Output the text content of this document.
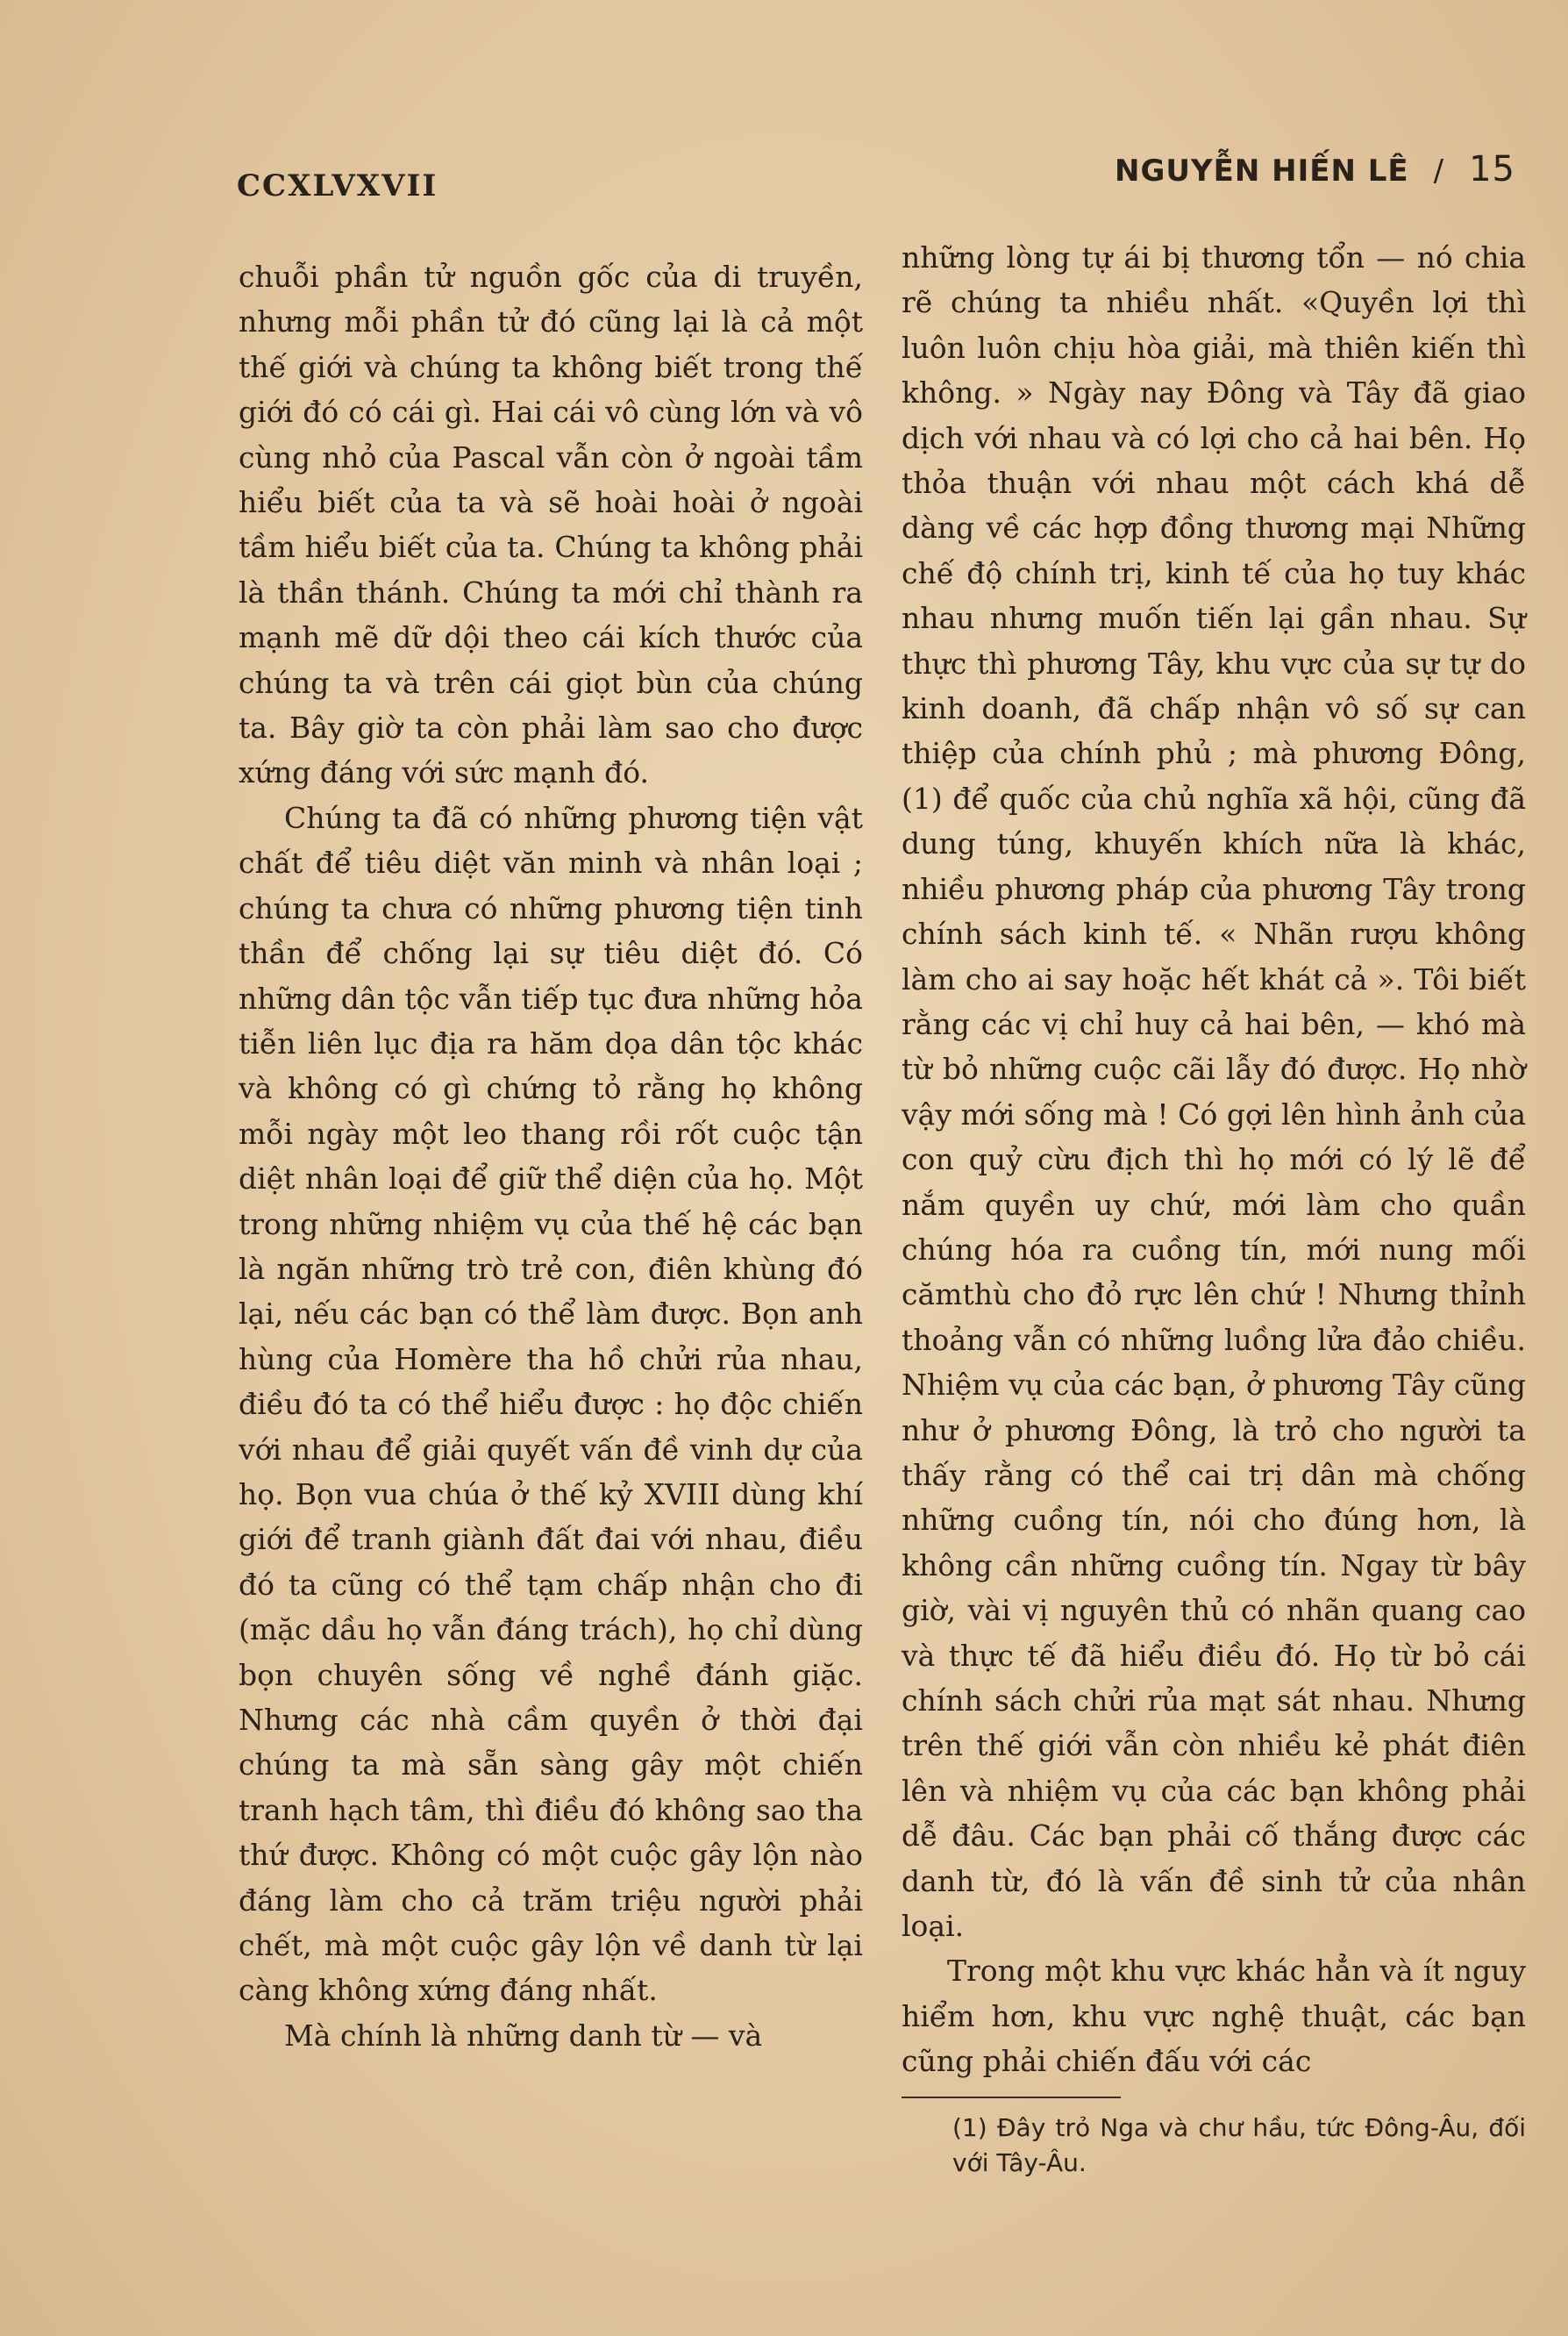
CCXLVXVII	NGUYỄN HIẾN LÊ / 15

chuỗi phần tử nguồn gốc của di truyền, nhưng mỗi phần tử đó cũng lại là cả một thế giới và chúng ta không biết trong thế giới đó có cái gì. Hai cái vô cùng lớn và vô cùng nhỏ của Pascal vẫn còn ở ngoài tầm hiểu biết của ta và sẽ hoài hoài ở ngoài tầm hiểu biết của ta. Chúng ta không phải là thần thánh. Chúng ta mới chỉ thành ra mạnh mẽ dữ dội theo cái kích thước của chúng ta và trên cái giọt bùn của chúng ta. Bây giờ ta còn phải làm sao cho được xứng đáng với sức mạnh đó.

Chúng ta đã có những phương tiện vật chất để tiêu diệt văn minh và nhân loại ; chúng ta chưa có những phương tiện tinh thần để chống lại sự tiêu diệt đó. Có những dân tộc vẫn tiếp tục đưa những hỏa tiễn liên lục địa ra hăm dọa dân tộc khác và không có gì chứng tỏ rằng họ không mỗi ngày một leo thang rồi rốt cuộc tận diệt nhân loại để giữ thể diện của họ. Một trong những nhiệm vụ của thế hệ các bạn là ngăn những trò trẻ con, điên khùng đó lại, nếu các bạn có thể làm được. Bọn anh hùng của Homère tha hồ chửi rủa nhau, điều đó ta có thể hiểu được : họ độc chiến với nhau để giải quyết vấn đề vinh dự của họ. Bọn vua chúa ở thế kỷ XVIII dùng khí giới để tranh giành đất đai với nhau, điều đó ta cũng có thể tạm chấp nhận cho đi (mặc dầu họ vẫn đáng trách), họ chỉ dùng bọn chuyên sống về nghề đánh giặc. Nhưng các nhà cầm quyền ở thời đại chúng ta mà sẵn sàng gây một chiến tranh hạch tâm, thì điều đó không sao tha thứ được. Không có một cuộc gây lộn nào đáng làm cho cả trăm triệu người phải chết, mà một cuộc gây lộn về danh từ lại càng không xứng đáng nhất.

Mà chính là những danh từ — và

những lòng tự ái bị thương tổn — nó chia rẽ chúng ta nhiều nhất. «Quyền lợi thì luôn luôn chịu hòa giải, mà thiên kiến thì không. » Ngày nay Đông và Tây đã giao dịch với nhau và có lợi cho cả hai bên. Họ thỏa thuận với nhau một cách khá dễ dàng về các hợp đồng thương mại Những chế độ chính trị, kinh tế của họ tuy khác nhau nhưng muốn tiến lại gần nhau. Sự thực thì phương Tây, khu vực của sự tự do kinh doanh, đã chấp nhận vô số sự can thiệp của chính phủ ; mà phương Đông, (1) để quốc của chủ nghĩa xã hội, cũng đã dung túng, khuyến khích nữa là khác, nhiều phương pháp của phương Tây trong chính sách kinh tế. « Nhãn rượu không làm cho ai say hoặc hết khát cả ». Tôi biết rằng các vị chỉ huy cả hai bên, — khó mà từ bỏ những cuộc cãi lẫy đó được. Họ nhờ vậy mới sống mà ! Có gợi lên hình ảnh của con quỷ cừu địch thì họ mới có lý lẽ để nắm quyền uy chứ, mới làm cho quần chúng hóa ra cuồng tín, mới nung mối cămthù cho đỏ rực lên chứ ! Nhưng thỉnh thoảng vẫn có những luồng lửa đảo chiều. Nhiệm vụ của các bạn, ở phương Tây cũng như ở phương Đông, là trỏ cho người ta thấy rằng có thể cai trị dân mà chống những cuồng tín, nói cho đúng hơn, là không cần những cuồng tín. Ngay từ bây giờ, vài vị nguyên thủ có nhãn quang cao và thực tế đã hiểu điều đó. Họ từ bỏ cái chính sách chửi rủa mạt sát nhau. Nhưng trên thế giới vẫn còn nhiều kẻ phát điên lên và nhiệm vụ của các bạn không phải dễ đâu. Các bạn phải cố thắng được các danh từ, đó là vấn đề sinh tử của nhân loại.

Trong một khu vực khác hẳn và ít nguy hiểm hơn, khu vực nghệ thuật, các bạn cũng phải chiến đấu với các

(1) Đây trỏ Nga và chư hầu, tức Đông-Âu, đối với Tây-Âu.
